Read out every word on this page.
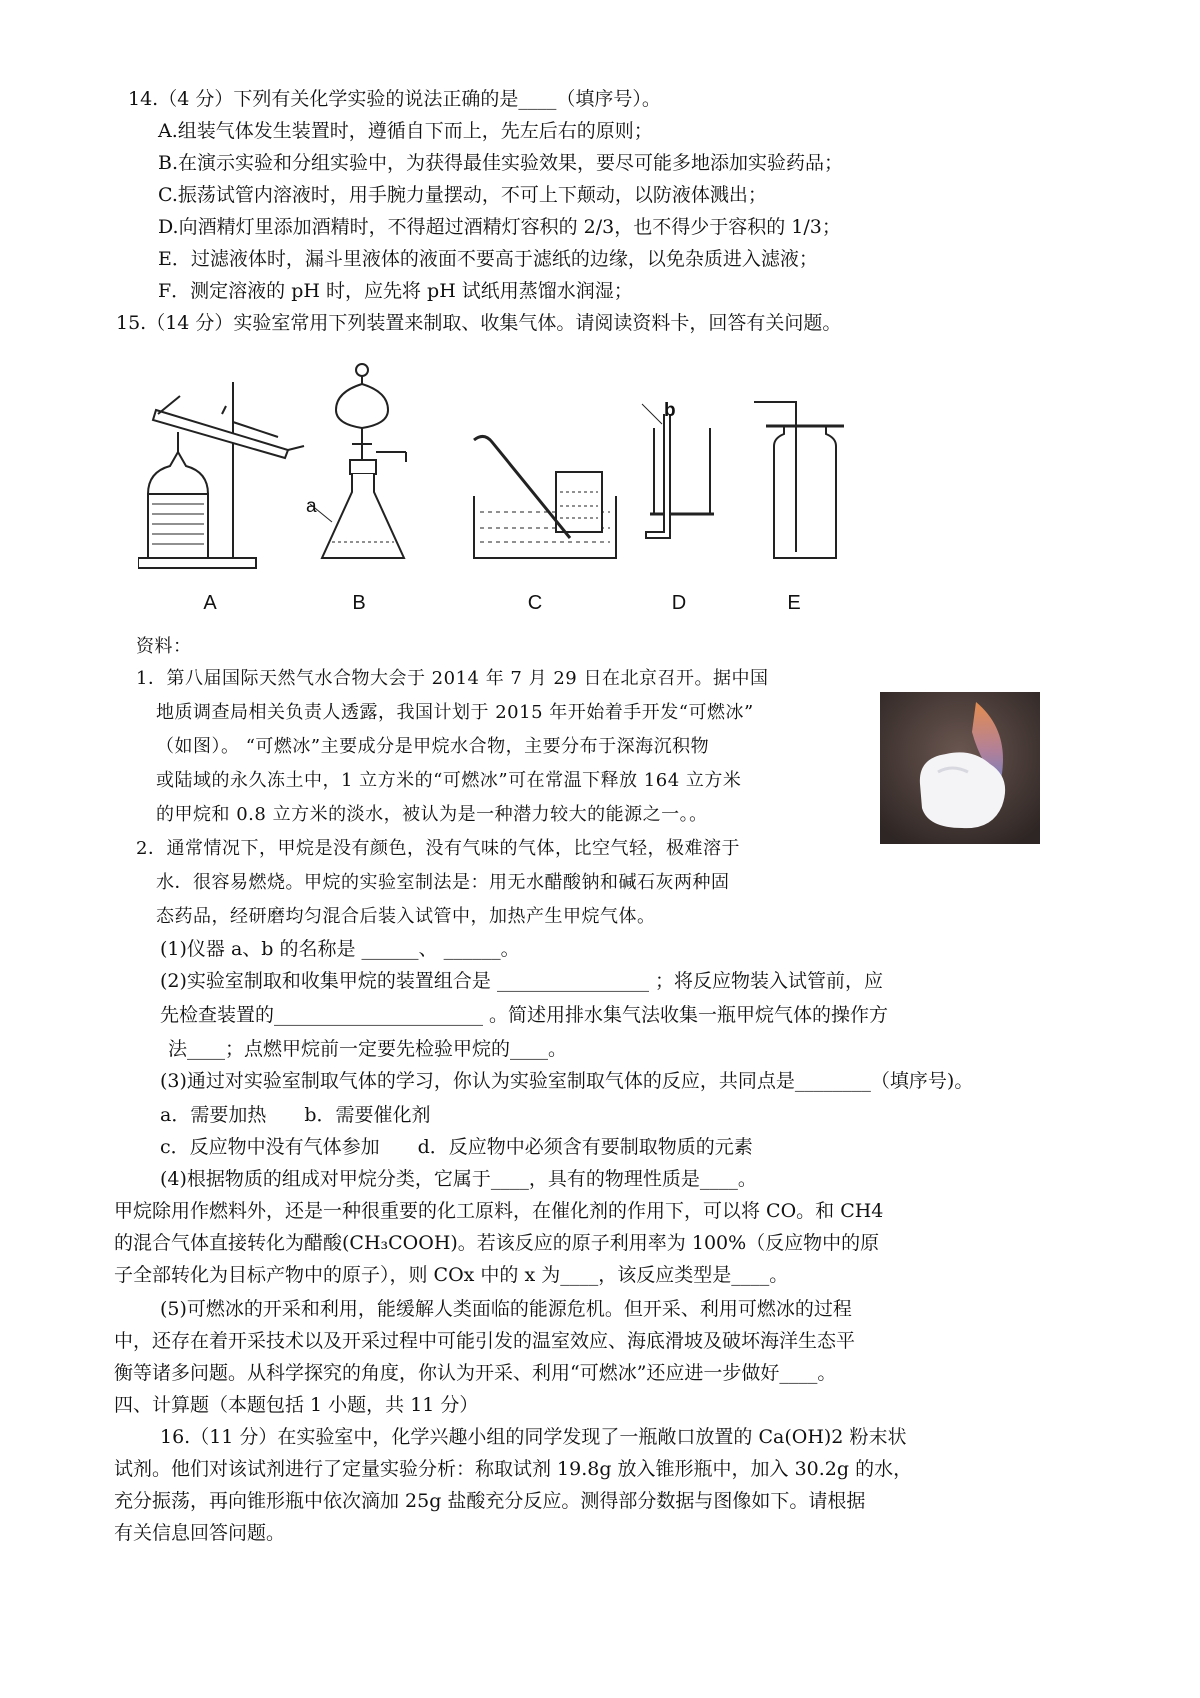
14.（4 分）下列有关化学实验的说法正确的是____（填序号）。
A.组装气体发生装置时，遵循自下而上，先左后右的原则；
B.在演示实验和分组实验中，为获得最佳实验效果，要尽可能多地添加实验药品；
C.振荡试管内溶液时，用手腕力量摆动，不可上下颠动，以防液体溅出；
D.向酒精灯里添加酒精时，不得超过酒精灯容积的 2/3，也不得少于容积的 1/3；
E．过滤液体时，漏斗里液体的液面不要高于滤纸的边缘，以免杂质进入滤液；
F．测定溶液的 pH 时，应先将 pH 试纸用蒸馏水润湿；
15.（14 分）实验室常用下列装置来制取、收集气体。请阅读资料卡，回答有关问题。
A	B
a
C	D
b
E
资料：
1．第八届国际天然气水合物大会于 2014 年 7 月 29 日在北京召开。据中国
地质调查局相关负责人透露，我国计划于 2015 年开始着手开发“可燃冰”
（如图）。 “可燃冰”主要成分是甲烷水合物，主要分布于深海沉积物
或陆域的永久冻土中，1 立方米的“可燃冰”可在常温下释放 164 立方米
的甲烷和 0.8 立方米的淡水，被认为是一种潜力较大的能源之一。。
2．通常情况下，甲烷是没有颜色，没有气味的气体，比空气轻，极难溶于
水．很容易燃烧。甲烷的实验室制法是：用无水醋酸钠和碱石灰两种固
态药品，经研磨均匀混合后装入试管中，加热产生甲烷气体。
(1)仪器 a、b 的名称是 ______、 ______。
(2)实验室制取和收集甲烷的装置组合是 ________________ ；将反应物装入试管前，应
先检查装置的______________________ 。简述用排水集气法收集一瓶甲烷气体的操作方
法____；点燃甲烷前一定要先检验甲烷的____。
(3)通过对实验室制取气体的学习，你认为实验室制取气体的反应，共同点是________（填序号)。
a．需要加热　　b．需要催化剂
c．反应物中没有气体参加　　d．反应物中必须含有要制取物质的元素
(4)根据物质的组成对甲烷分类，它属于____，具有的物理性质是____。
甲烷除用作燃料外，还是一种很重要的化工原料，在催化剂的作用下，可以将 CO。和 CH4
的混合气体直接转化为醋酸(CH₃COOH)。若该反应的原子利用率为 100%（反应物中的原
子全部转化为目标产物中的原子），则 COx 中的 x 为____，该反应类型是____。
(5)可燃冰的开采和利用，能缓解人类面临的能源危机。但开采、利用可燃冰的过程
中，还存在着开采技术以及开采过程中可能引发的温室效应、海底滑坡及破坏海洋生态平
衡等诸多问题。从科学探究的角度，你认为开采、利用“可燃冰”还应进一步做好____。
四、计算题（本题包括 1 小题，共 11 分）
16.（11 分）在实验室中，化学兴趣小组的同学发现了一瓶敞口放置的 Ca(OH)2 粉末状
试剂。他们对该试剂进行了定量实验分析：称取试剂 19.8g 放入锥形瓶中，加入 30.2g 的水，
充分振荡，再向锥形瓶中依次滴加 25g 盐酸充分反应。测得部分数据与图像如下。请根据
有关信息回答问题。
